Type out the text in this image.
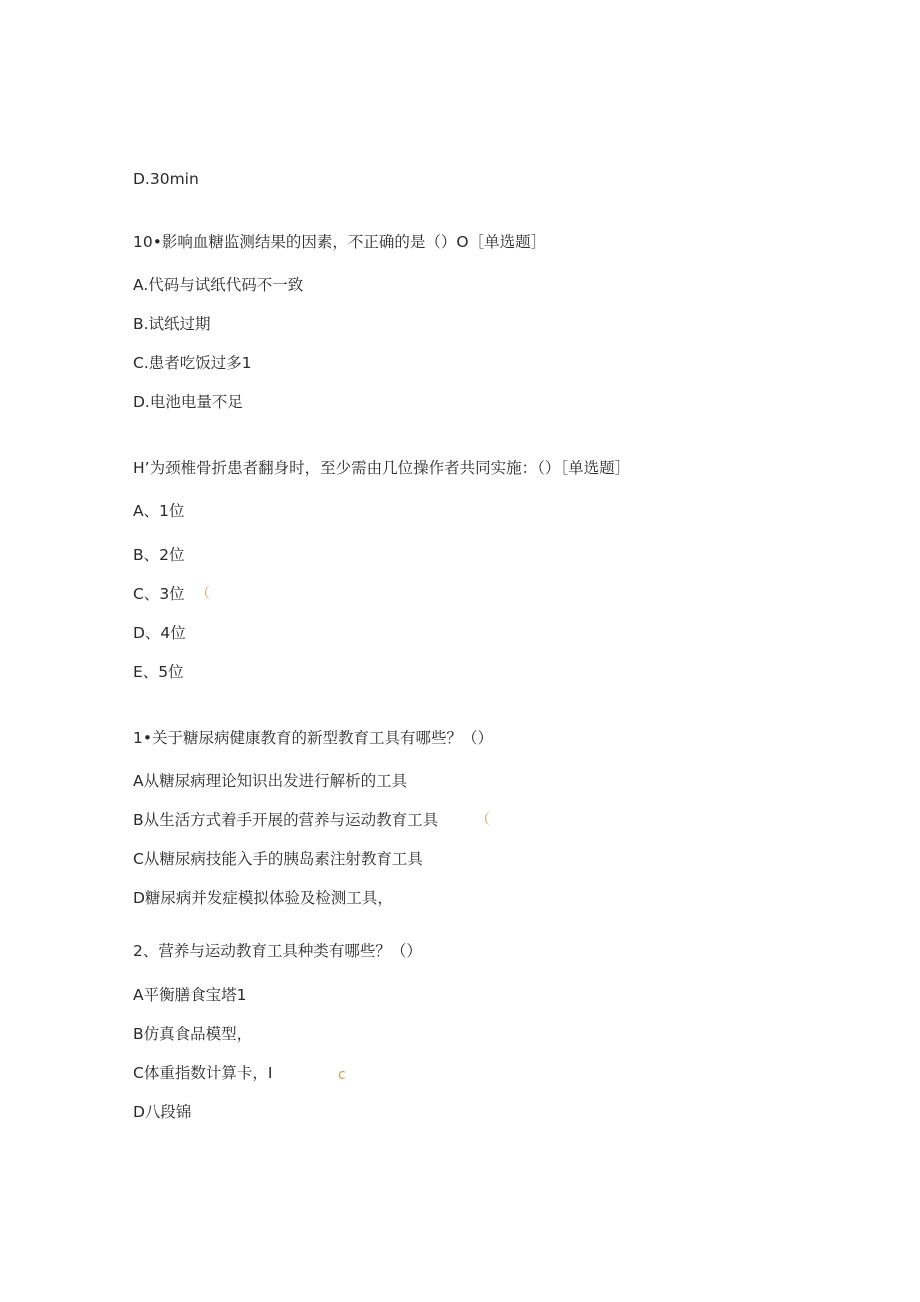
D.30min
10•影响血糖监测结果的因素，不正确的是（）O［单选题］
A.代码与试纸代码不一致
B.试纸过期
C.患者吃饭过多1
D.电池电量不足
H’为颈椎骨折患者翻身时，至少需由几位操作者共同实施：（）［单选题］
A、1位
B、2位
C、3位 （
D、4位
E、5位
1•关于糖尿病健康教育的新型教育工具有哪些？（）
A从糖尿病理论知识出发进行解析的工具
B从生活方式着手开展的营养与运动教育工具	（
C从糖尿病技能入手的胰岛素注射教育工具
D糖尿病并发症模拟体验及检测工具，
2、营养与运动教育工具种类有哪些？（）
A平衡膳食宝塔1
B仿真食品模型，
C体重指数计算卡，I	c
D八段锦
